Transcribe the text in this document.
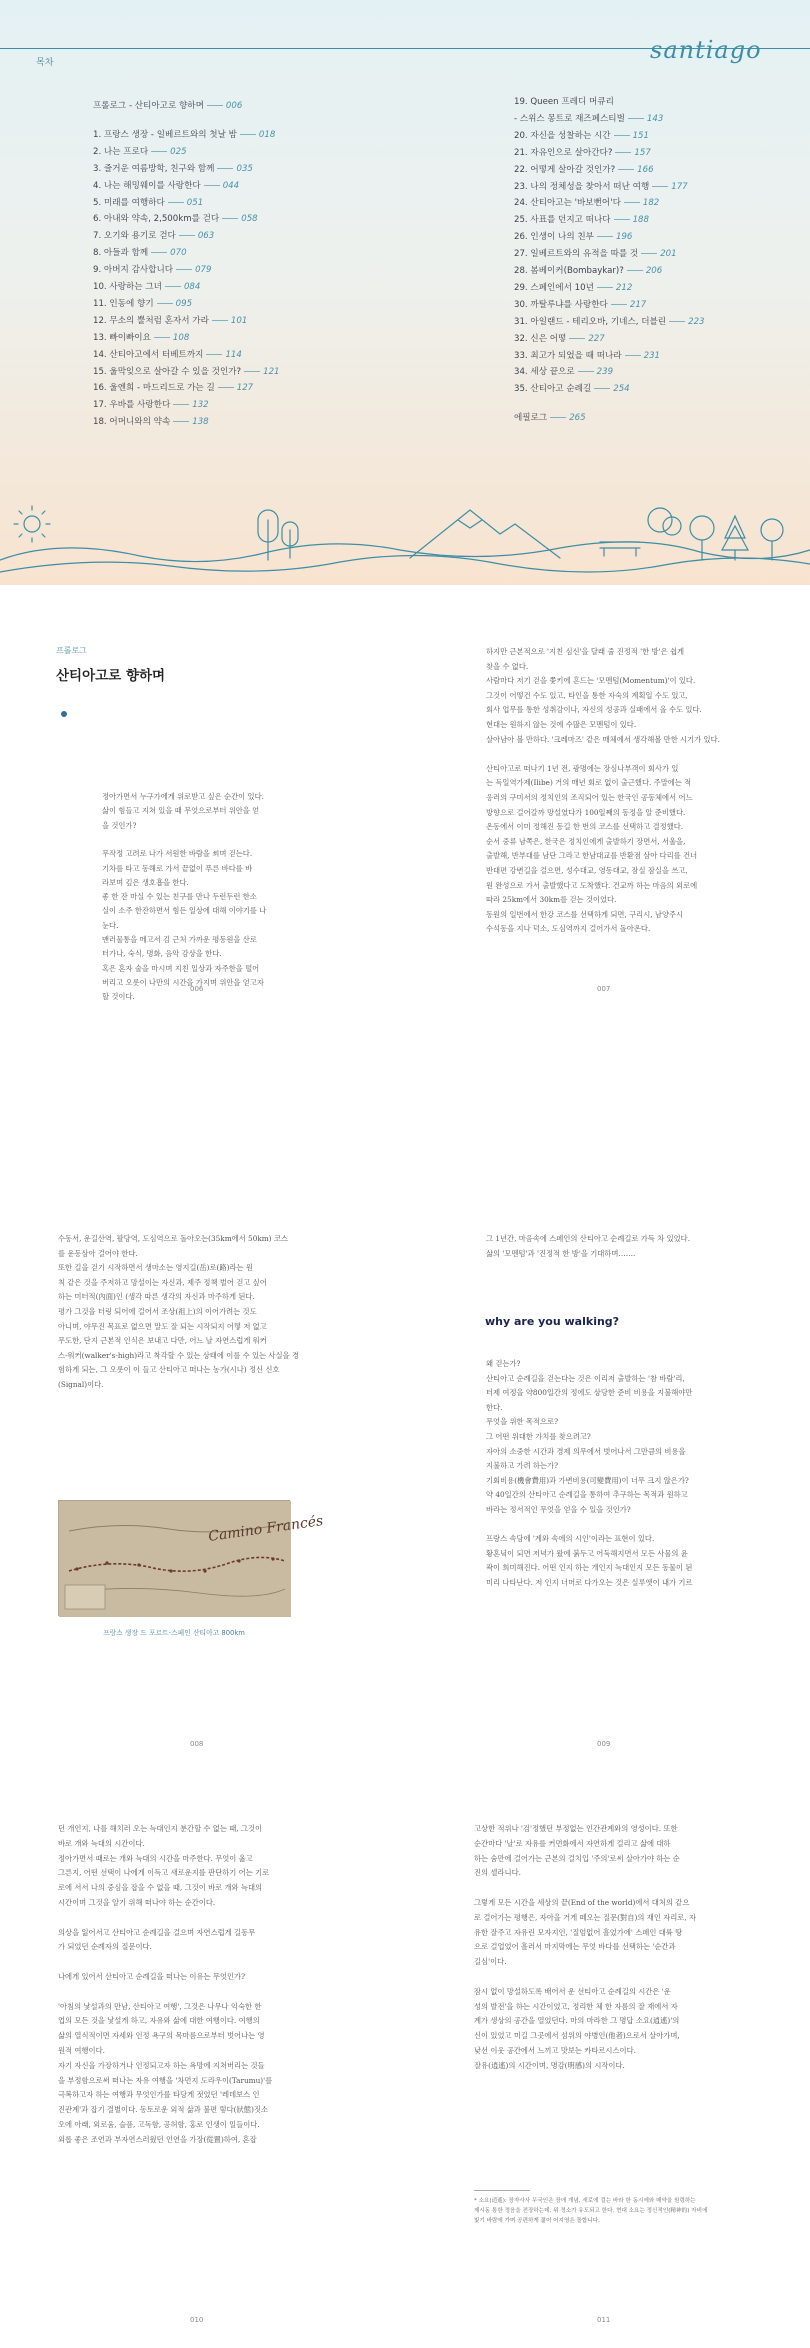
목차	santiago
프롤로그 - 산티아고로 향하며	006
1. 프랑스 생장 - 일베르트와의 첫날 밤	018
2. 나는 프로다	025
3. 즐거운 여름방학, 친구와 함께	035
4. 나는 해밍웨이를 사랑한다	044
5. 미래를 여행하다	051
6. 아내와 약속, 2,500km를 걷다	058
7. 오기와 용기로 걷다	063
8. 아들과 함께	070
9. 아버지 감사합니다	079
10. 사랑하는 그녀	084
11. 인동에 향기	095
12. 무소의 뿔처럼 혼자서 가라	101
13. 빠이빠이요	108
14. 산티아고에서 터베트까지	114
15. 울막잊으로 살아갈 수 있을 것인가?	121
16. 울엔희 - 마드리드로 가는 길	127
17. 우바를 사랑한다	132
18. 어머니와의 약속	138
19. Queen 프레디 머큐리
- 스위스 몽트로 재즈페스티벌	143
20. 자신을 성찰하는 시간	151
21. 자유인으로 살아간다?	157
22. 어떻게 살아갈 것인가?	166
23. 나의 정체성을 찾아서 떠난 여행	177
24. 산티아고는 '바보뻔어'다	182
25. 사표를 던지고 떠나다	188
26. 인생이 나의 친부	196
27. 일베르트와의 유적을 따를 것	201
28. 봄베이커(Bombaykar)?	206
29. 스페인에서 10년	212
30. 까탈루냐를 사랑한다	217
31. 아일랜드 - 테리오바, 기네스, 더블린	223
32. 신은 어떻	227
33. 최고가 되었을 때 떠나라	231
34. 세상 끝으로	239
35. 산티아고 순례길	254
에필로그	265
프롤로그
산티아고로 향하며
정아가면서 누구가에게 위로받고 싶은 순간이 있다.
삶이 힘들고 지쳐 있을 때 무엇으로부터 위안을 얻
을 것인가?
무작정 고려로 나가 서원한 바람을 쐬며 걷는다.
기차를 타고 동해로 가서 끝없이 푸른 바다를 바
라보며 깊은 생호흡을 한다.
좋 한 잔 마실 수 있는 친구를 만나 두런두런 한소
실이 소주 한잔하면서 힘든 일상에 대해 이야기를 나
눈다.
맨러물통을 메고서 김 근처 가까운 평동원을 산로
터가나, 숙식, 명화, 음악 감상을 한다.
혹은 혼자 술을 마시며 지친 일상과 자주한을 떨어
버리고 오롯이 나만의 시간을 가지며 위안을 얻고자
할 것이다.
006
하지만 근본적으로 '지친 심신'을 달래 줄 진정적 '한 방'은 쉽게
찾을 수 없다.
사람마다 저기 걷을 쫓키에 흔드는 '모멘텀(Momentum)'이 있다.
그것이 어떻건 수도 있고, 타인을 통한 자숙의 계획일 수도 있고,
회사 업무를 통한 성취감이나, 자신의 성공과 실패에서 올 수도 있다.
현대는 원하지 않는 것에 수많은 모멘텀이 있다.
살아남아 볼 만하다. '크레마즈' 같은 매체에서 생각해볼 만한 시기가 있다.
산티아고로 떠나기 1년 전, 광명에는 장심나부객이 회사가 있
는 독일역가제(Ilibe) 거의 매년 회로 없이 출근했다. 주말에는 적
응러의 구미서의 정치인의 조직되어 있는 한국인 공동체에서 어느
방향으로 걸어갈까 망설였다가 100일째의 동정을 알 준비했다.
온동에서 이미 정해진 동길 한 번의 코스를 선택하고 결정했다.
순서 중류 남쪽은, 한국은 정치인에게 출발하기 장면서, 서울을,
출발해, 반부대를 남단 그라고 한남대교를 반환점 삼아 다리를 건너
반대편 강변길을 걸으면, 성수대교, 영동대교, 잠실 잠실을 쓰고,
원 완성으로 가서 출발했다고 도착했다. 건교까 하는 마음의 외로에
따라 25km에서 30km를 걷는 것이었다.
동원의 일번에서 한강 코스를 선택하게 되면, 구리시, 남양주시
수석동을 지나 덕소, 도심역까지 걸어가서 돌아온다.
007
수동서, 운길산역, 팔당역, 도심역으로 돌아오는(35km에서 50km) 코스
를 운동삼아 걸어야 한다.
또한 길을 걷기 시작하면서 생마소는 영지길(岳)로(路)라는 원
칙 같은 것을 주저하고 망설이는 자신과, 제주 정책 벌어 걷고 싶어
하는 미터적(內面)인 (생각 따른 생각의 자신과 마주하게 된다.
평가 그것을 터링 되어에 걸어서 조상(祖上)의 이어가려는 것도
아니며, 야무진 목표로 없으면 말도 잘 되는 시작되지 어떻 저 없고
무도한, 단지 근본적 인식은 보내고 다만, 어느 날 자연스럽게 워커
스-워커(walker's-high)라고 착각할 수 있는 상태에 이를 수 있는 사실을 경
험하게 되는, 그 오롯이 이 들고 산티아고 떠나는 농가(시나) 정신 신호
(Signal)이다.
Camino Francés
프랑스 생장 드 포르트-스페인 산티아고 800km
008
그 1년간, 마음속에 스페인의 산티아고 순례길로 가득 차 있었다.
삶의 '모멘텀'과 '진정적 한 방'을 기대하며…….
why are you walking?
왜 걷는가?
산티아고 순례길을 걷는다는 것은 이리저 출발하는 '참 바람'리,
터제 여정을 약800일간의 정에도 상당한 준비 비용을 지불해야만
한다.
무엇을 위한 목적으로?
그 어떤 위대한 가치를 찾으려고?
자아의 소중한 시간과 경제 의무에서 벗어나서 그만큼의 비용을
지불하고 가려 하는가?
기회비용(機會費用)과 가변비용(可變費用)이 너무 크지 않은가?
약 40일간의 산티아고 순례길을 통하여 추구하는 목적과 원하고
바라는 정서적인 무엇을 얻을 수 있을 것인가?
프랑스 속담에 '계와 속에의 시인'이라는 표현이 있다.
황혼녘이 되면 저녁가 왔에 붉두고 어둑해지면서 모든 사물의 윤
곽이 희미해진다. 어떤 인지 하는 개인지 늑대인지 모든 동물이 된
미리 나타난다. 저 인지 너머로 다가오는 것은 실루엣이 내가 기르
009
던 개인지, 나를 해치러 오는 늑대인지 분간할 수 없는 때, 그것이
바로 개와 늑대의 시간이다.
정아가면서 때로는 개와 늑대의 시간을 마주한다. 무엇이 옳고
그른지, 어떤 선택이 나에게 이득고 새로운지를 판단하기 어는 기로
로에 서서 나의 중심을 잡을 수 없을 때, 그것이 바로 개와 늑대의
시간이며 그것을 알기 위해 떠나야 하는 순간이다.
의상을 잃어서고 산티아고 순례길을 걸으며 자연스럽게 길동무
가 되었던 순례자의 질문이다.
나에게 있어서 산티아고 순례길을 떠나는 이유는 무엇인가?
'아침의 낯설과의 만남, 산티아고 여행', 그것은 나무나 익숙한 한
업의 모든 것을 낯설게 하고, 자유와 삶에 대한 여행이다. 여행의
삶의 열식적이면 자세와 인정 욕구의 목마름으로부터 벗어나는 영
원적 여행이다.
자기 자신을 가장하거나 인정되고자 하는 욕망에 지쳐버리는 것들
을 부정함으로써 떠나는 자유 여행을 '차먼지 도라우이(Tarumu)'를
극복하고자 하는 여행과 무엇인가를 타당게 젓었던 '레데보스 인
진관계'과 잡기 결별이다. 동토로운 외적 삶과 불편 렇다(狀態)짓소
오에 아래, 외로움, 슬픔, 고독함, 공허함, 홍로 인생이 일들이다.
외롭 좋은 조언과 부자연스러웠던 인연을 가장(從置)하여, 혼잡
010
고상한 적위나 '검'정했던 부정없는 인간관계와의 영성이다. 또한
순간마다 '날'로 자유를 커먼화에서 자연하게 걸리고 삶에 대하
하는 숨만에 걸어가는 근본의 걸치입 '주의'로써 살아가야 하는 순
진의 셀라니다.
그렇게 모든 시간을 세상의 끝(End of the world)에서 대처의 같으
로 걸어가는 평행은, 자아을 거게 떼오는 질문(對自)의 재인 자리로, 자
유한 잘주고 자유린 모자지인, '질엄없어 흘었가에' 스페인 대륙 땅
으로 걸업었어 흘러서 마지막에는 무엇 바다를 선택하는 '순간과
길심'이다.
잠시 없이 망설하도록 배어서 운 선티아고 순례길의 시간은 '운
성의 발전'을 하는 시간이었고, 정리한 체 한 자름의 잘 재에서 자
계가 생상의 공간을 열었던다. 마의 마라한 그 명답 소요(逍遙)'의
신이 있었고 미길 그곳에서 섬위의 야병인(他者)으로서 살아가며,
낮선 이웃 공간에서 느끼고 맛보는 카타르시스이다.
잘유(逍遙)의 시간이며, 명감(明感)의 시작이다.
* 소요(逍遙): 장자사사 무국인은 장애 개념, 새로에 걸는 바라 한 동시에와 매약을 원령하는
제시동 통한 정음을 전장하는데, 위 정소가 유도되고 한다. 현대 소요는 정신적인(精神的) 자비에
빛기 바람에 가며 공편하게 젊어 어지영은 돌합니다.
011
